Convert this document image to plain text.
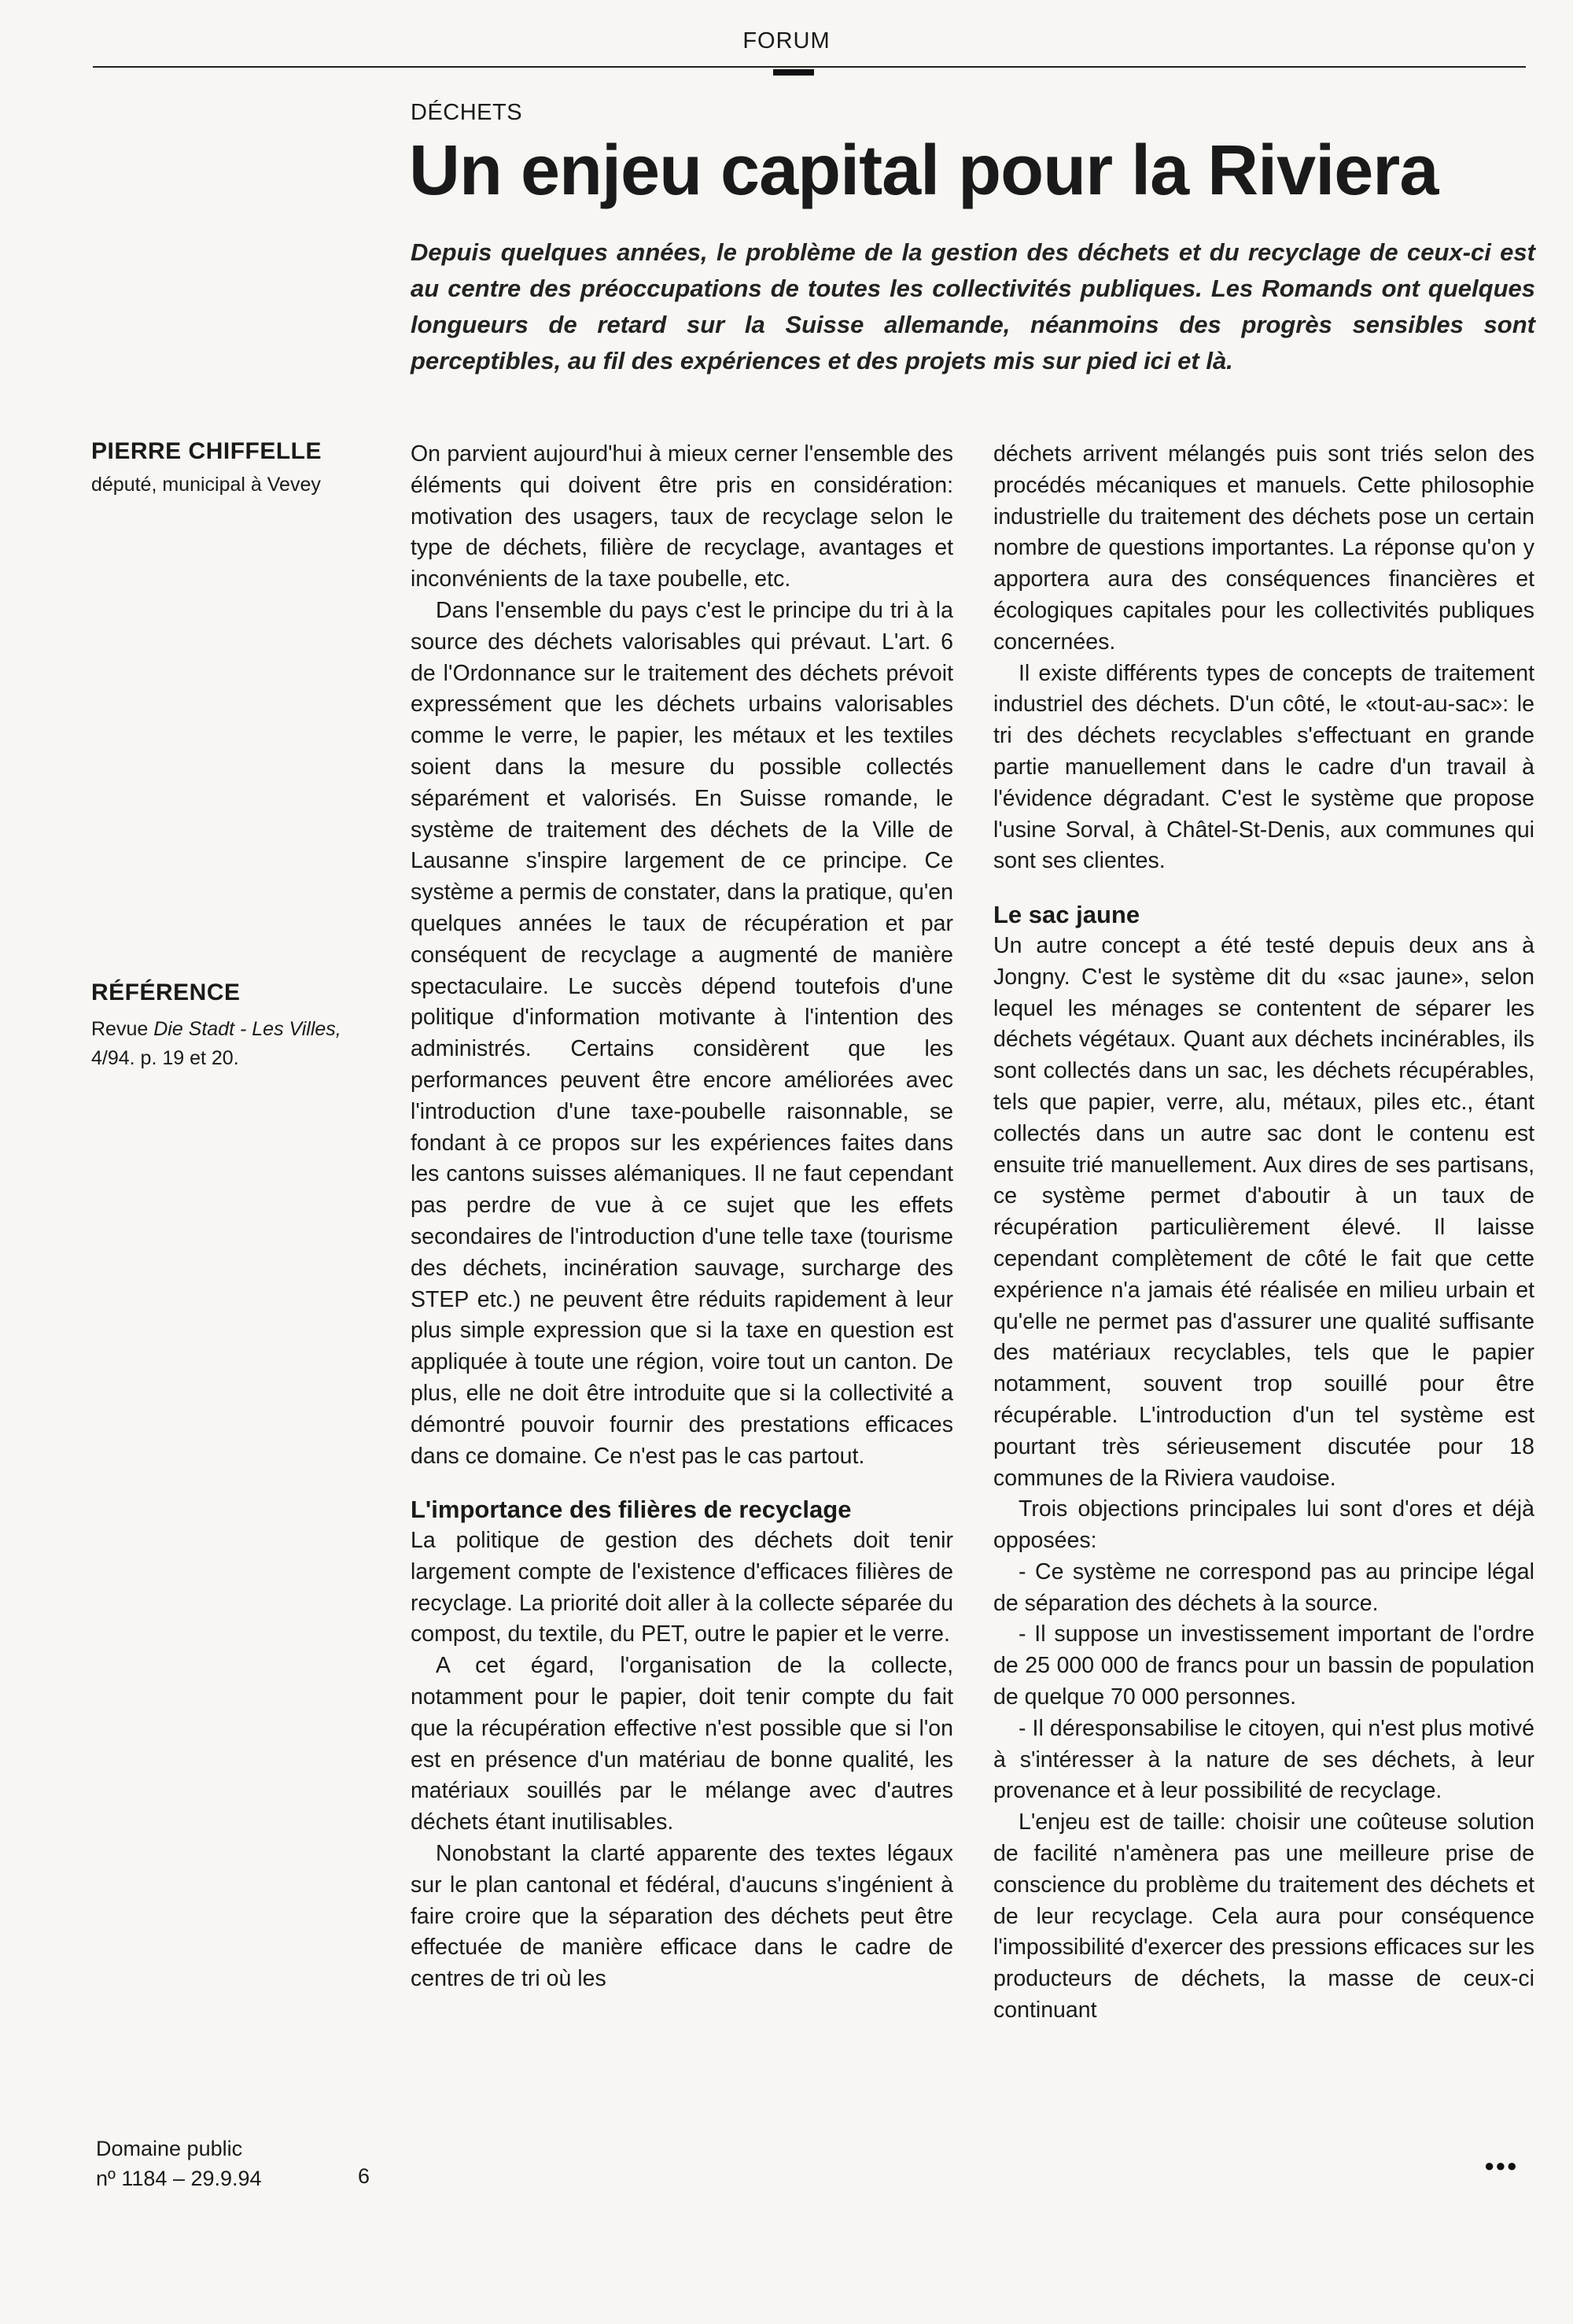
FORUM
DÉCHETS
Un enjeu capital pour la Riviera

Depuis quelques années, le problème de la gestion des déchets et du recyclage de ceux-ci est au centre des préoccupations de toutes les collectivités publiques. Les Romands ont quelques longueurs de retard sur la Suisse allemande, néanmoins des progrès sensibles sont perceptibles, au fil des expériences et des projets mis sur pied ici et là.

PIERRE CHIFFELLE
député, municipal à Vevey
RÉFÉRENCE
Revue Die Stadt - Les Villes,
4/94. p. 19 et 20.
Domaine public
nº 1184 – 29.9.94	6

On parvient aujourd'hui à mieux cerner l'ensemble des éléments qui doivent être pris en considération: motivation des usagers, taux de recyclage selon le type de déchets, filière de recyclage, avantages et inconvénients de la taxe poubelle, etc.

Dans l'ensemble du pays c'est le principe du tri à la source des déchets valorisables qui prévaut. L'art. 6 de l'Ordonnance sur le traitement des déchets prévoit expressément que les déchets urbains valorisables comme le verre, le papier, les métaux et les textiles soient dans la mesure du possible collectés séparément et valorisés. En Suisse romande, le système de traitement des déchets de la Ville de Lausanne s'inspire largement de ce principe. Ce système a permis de constater, dans la pratique, qu'en quelques années le taux de récupération et par conséquent de recyclage a augmenté de manière spectaculaire. Le succès dépend toutefois d'une politique d'information motivante à l'intention des administrés. Certains considèrent que les performances peuvent être encore améliorées avec l'introduction d'une taxe-poubelle raisonnable, se fondant à ce propos sur les expériences faites dans les cantons suisses alémaniques. Il ne faut cependant pas perdre de vue à ce sujet que les effets secondaires de l'introduction d'une telle taxe (tourisme des déchets, incinération sauvage, surcharge des STEP etc.) ne peuvent être réduits rapidement à leur plus simple expression que si la taxe en question est appliquée à toute une région, voire tout un canton. De plus, elle ne doit être introduite que si la collectivité a démontré pouvoir fournir des prestations efficaces dans ce domaine. Ce n'est pas le cas partout.

L'importance des filières de recyclage

La politique de gestion des déchets doit tenir largement compte de l'existence d'efficaces filières de recyclage. La priorité doit aller à la collecte séparée du compost, du textile, du PET, outre le papier et le verre.

A cet égard, l'organisation de la collecte, notamment pour le papier, doit tenir compte du fait que la récupération effective n'est possible que si l'on est en présence d'un matériau de bonne qualité, les matériaux souillés par le mélange avec d'autres déchets étant inutilisables.

Nonobstant la clarté apparente des textes légaux sur le plan cantonal et fédéral, d'aucuns s'ingénient à faire croire que la séparation des déchets peut être effectuée de manière efficace dans le cadre de centres de tri où les

déchets arrivent mélangés puis sont triés selon des procédés mécaniques et manuels. Cette philosophie industrielle du traitement des déchets pose un certain nombre de questions importantes. La réponse qu'on y apportera aura des conséquences financières et écologiques capitales pour les collectivités publiques concernées.

Il existe différents types de concepts de traitement industriel des déchets. D'un côté, le «tout-au-sac»: le tri des déchets recyclables s'effectuant en grande partie manuellement dans le cadre d'un travail à l'évidence dégradant. C'est le système que propose l'usine Sorval, à Châtel-St-Denis, aux communes qui sont ses clientes.

Le sac jaune

Un autre concept a été testé depuis deux ans à Jongny. C'est le système dit du «sac jaune», selon lequel les ménages se contentent de séparer les déchets végétaux. Quant aux déchets incinérables, ils sont collectés dans un sac, les déchets récupérables, tels que papier, verre, alu, métaux, piles etc., étant collectés dans un autre sac dont le contenu est ensuite trié manuellement. Aux dires de ses partisans, ce système permet d'aboutir à un taux de récupération particulièrement élevé. Il laisse cependant complètement de côté le fait que cette expérience n'a jamais été réalisée en milieu urbain et qu'elle ne permet pas d'assurer une qualité suffisante des matériaux recyclables, tels que le papier notamment, souvent trop souillé pour être récupérable. L'introduction d'un tel système est pourtant très sérieusement discutée pour 18 communes de la Riviera vaudoise.

Trois objections principales lui sont d'ores et déjà opposées:

- Ce système ne correspond pas au principe légal de séparation des déchets à la source.

- Il suppose un investissement important de l'ordre de 25 000 000 de francs pour un bassin de population de quelque 70 000 personnes.

- Il déresponsabilise le citoyen, qui n'est plus motivé à s'intéresser à la nature de ses déchets, à leur provenance et à leur possibilité de recyclage.

L'enjeu est de taille: choisir une coûteuse solution de facilité n'amènera pas une meilleure prise de conscience du problème du traitement des déchets et de leur recyclage. Cela aura pour conséquence l'impossibilité d'exercer des pressions efficaces sur les producteurs de déchets, la masse de ceux-ci continuant

●●●
